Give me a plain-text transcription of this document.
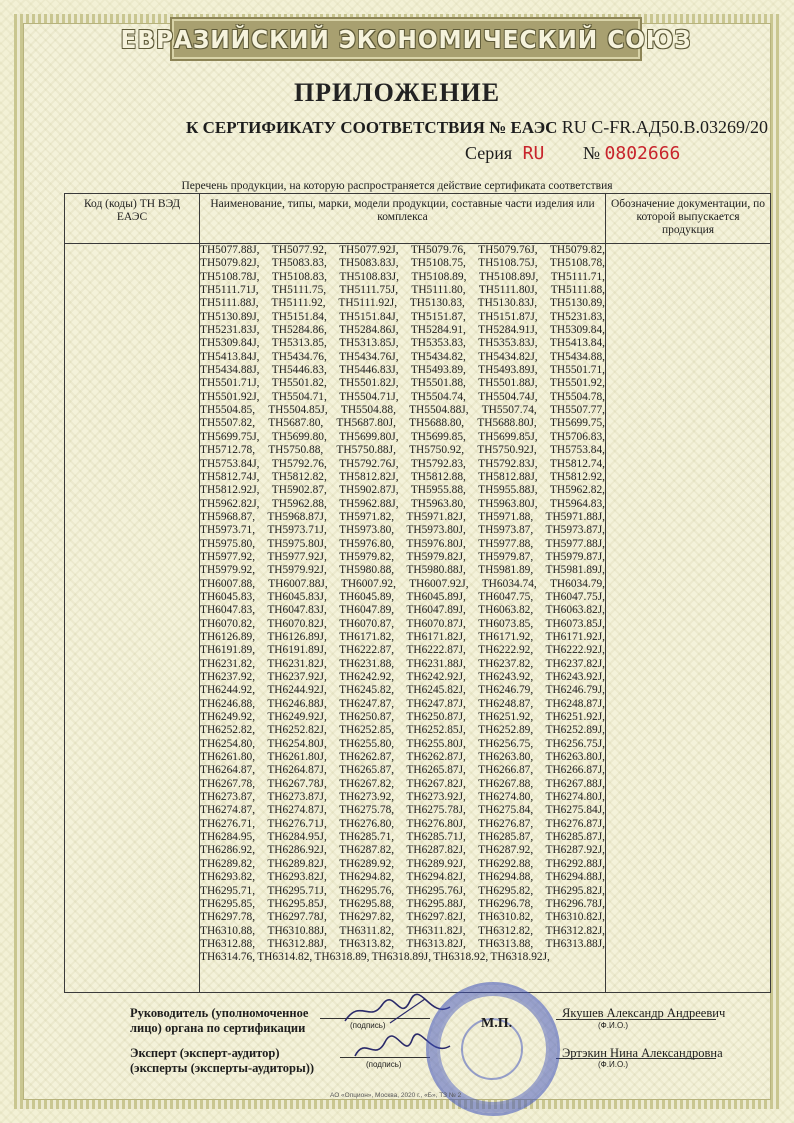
ЕВРАЗИЙСКИЙ ЭКОНОМИЧЕСКИЙ СОЮЗ
ПРИЛОЖЕНИЕ
К СЕРТИФИКАТУ СООТВЕТСТВИЯ № ЕАЭС RU C-FR.АД50.В.03269/20
Серия RU № 0802666
Перечень продукции, на которую распространяется действие сертификата соответствия
Код (коды) ТН ВЭД ЕАЭС	Наименование, типы, марки, модели продукции, составные части изделия или комплекса	Обозначение документации, по которой выпускается продукция

	TH5077.88J, TH5077.92, TH5077.92J, TH5079.76, TH5079.76J, TH5079.82, TH5079.82J, TH5083.83, TH5083.83J, TH5108.75, TH5108.75J, TH5108.78, TH5108.78J, TH5108.83, TH5108.83J, TH5108.89, TH5108.89J, TH5111.71, TH5111.71J, TH5111.75, TH5111.75J, TH5111.80, TH5111.80J, TH5111.88, TH5111.88J, TH5111.92, TH5111.92J, TH5130.83, TH5130.83J, TH5130.89, TH5130.89J, TH5151.84, TH5151.84J, TH5151.87, TH5151.87J, TH5231.83, TH5231.83J, TH5284.86, TH5284.86J, TH5284.91, TH5284.91J, TH5309.84, TH5309.84J, TH5313.85, TH5313.85J, TH5353.83, TH5353.83J, TH5413.84, TH5413.84J, TH5434.76, TH5434.76J, TH5434.82, TH5434.82J, TH5434.88, TH5434.88J, TH5446.83, TH5446.83J, TH5493.89, TH5493.89J, TH5501.71, TH5501.71J, TH5501.82, TH5501.82J, TH5501.88, TH5501.88J, TH5501.92, TH5501.92J, TH5504.71, TH5504.71J, TH5504.74, TH5504.74J, TH5504.78, TH5504.85, TH5504.85J, TH5504.88, TH5504.88J, TH5507.74, TH5507.77, TH5507.82, TH5687.80, TH5687.80J, TH5688.80, TH5688.80J, TH5699.75, TH5699.75J, TH5699.80, TH5699.80J, TH5699.85, TH5699.85J, TH5706.83, TH5712.78, TH5750.88, TH5750.88J, TH5750.92, TH5750.92J, TH5753.84, TH5753.84J, TH5792.76, TH5792.76J, TH5792.83, TH5792.83J, TH5812.74, TH5812.74J, TH5812.82, TH5812.82J, TH5812.88, TH5812.88J, TH5812.92, TH5812.92J, TH5902.87, TH5902.87J, TH5955.88, TH5955.88J, TH5962.82, TH5962.82J, TH5962.88, TH5962.88J, TH5963.80, TH5963.80J, TH5964.83, TH5968.87, TH5968.87J, TH5971.82, TH5971.82J, TH5971.88, TH5971.88J, TH5973.71, TH5973.71J, TH5973.80, TH5973.80J, TH5973.87, TH5973.87J, TH5975.80, TH5975.80J, TH5976.80, TH5976.80J, TH5977.88, TH5977.88J, TH5977.92, TH5977.92J, TH5979.82, TH5979.82J, TH5979.87, TH5979.87J, TH5979.92, TH5979.92J, TH5980.88, TH5980.88J, TH5981.89, TH5981.89J, TH6007.88, TH6007.88J, TH6007.92, TH6007.92J, TH6034.74, TH6034.79, TH6045.83, TH6045.83J, TH6045.89, TH6045.89J, TH6047.75, TH6047.75J, TH6047.83, TH6047.83J, TH6047.89, TH6047.89J, TH6063.82, TH6063.82J, TH6070.82, TH6070.82J, TH6070.87, TH6070.87J, TH6073.85, TH6073.85J, TH6126.89, TH6126.89J, TH6171.82, TH6171.82J, TH6171.92, TH6171.92J, TH6191.89, TH6191.89J, TH6222.87, TH6222.87J, TH6222.92, TH6222.92J, TH6231.82, TH6231.82J, TH6231.88, TH6231.88J, TH6237.82, TH6237.82J, TH6237.92, TH6237.92J, TH6242.92, TH6242.92J, TH6243.92, TH6243.92J, TH6244.92, TH6244.92J, TH6245.82, TH6245.82J, TH6246.79, TH6246.79J, TH6246.88, TH6246.88J, TH6247.87, TH6247.87J, TH6248.87, TH6248.87J, TH6249.92, TH6249.92J, TH6250.87, TH6250.87J, TH6251.92, TH6251.92J, TH6252.82, TH6252.82J, TH6252.85, TH6252.85J, TH6252.89, TH6252.89J, TH6254.80, TH6254.80J, TH6255.80, TH6255.80J, TH6256.75, TH6256.75J, TH6261.80, TH6261.80J, TH6262.87, TH6262.87J, TH6263.80, TH6263.80J, TH6264.87, TH6264.87J, TH6265.87, TH6265.87J, TH6266.87, TH6266.87J, TH6267.78, TH6267.78J, TH6267.82, TH6267.82J, TH6267.88, TH6267.88J, TH6273.87, TH6273.87J, TH6273.92, TH6273.92J, TH6274.80, TH6274.80J, TH6274.87, TH6274.87J, TH6275.78, TH6275.78J, TH6275.84, TH6275.84J, TH6276.71, TH6276.71J, TH6276.80, TH6276.80J, TH6276.87, TH6276.87J, TH6284.95, TH6284.95J, TH6285.71, TH6285.71J, TH6285.87, TH6285.87J, TH6286.92, TH6286.92J, TH6287.82, TH6287.82J, TH6287.92, TH6287.92J, TH6289.82, TH6289.82J, TH6289.92, TH6289.92J, TH6292.88, TH6292.88J, TH6293.82, TH6293.82J, TH6294.82, TH6294.82J, TH6294.88, TH6294.88J, TH6295.71, TH6295.71J, TH6295.76, TH6295.76J, TH6295.82, TH6295.82J, TH6295.85, TH6295.85J, TH6295.88, TH6295.88J, TH6296.78, TH6296.78J, TH6297.78, TH6297.78J, TH6297.82, TH6297.82J, TH6310.82, TH6310.82J, TH6310.88, TH6310.88J, TH6311.82, TH6311.82J, TH6312.82, TH6312.82J, TH6312.88, TH6312.88J, TH6313.82, TH6313.82J, TH6313.88, TH6313.88J, TH6314.76, TH6314.82, TH6318.89, TH6318.89J, TH6318.92, TH6318.92J,	

Руководитель (уполномоченное
лицо) органа по сертификации	(подпись)
Якушев Александр Андреевич
(Ф.И.О.)
Эксперт (эксперт-аудитор)
(эксперты (эксперты-аудиторы))	(подпись)
Эртэкин Нина Александровна
(Ф.И.О.)
М.П.
АО «Опцион», Москва, 2020 г., «Б», ТЗ № 2
